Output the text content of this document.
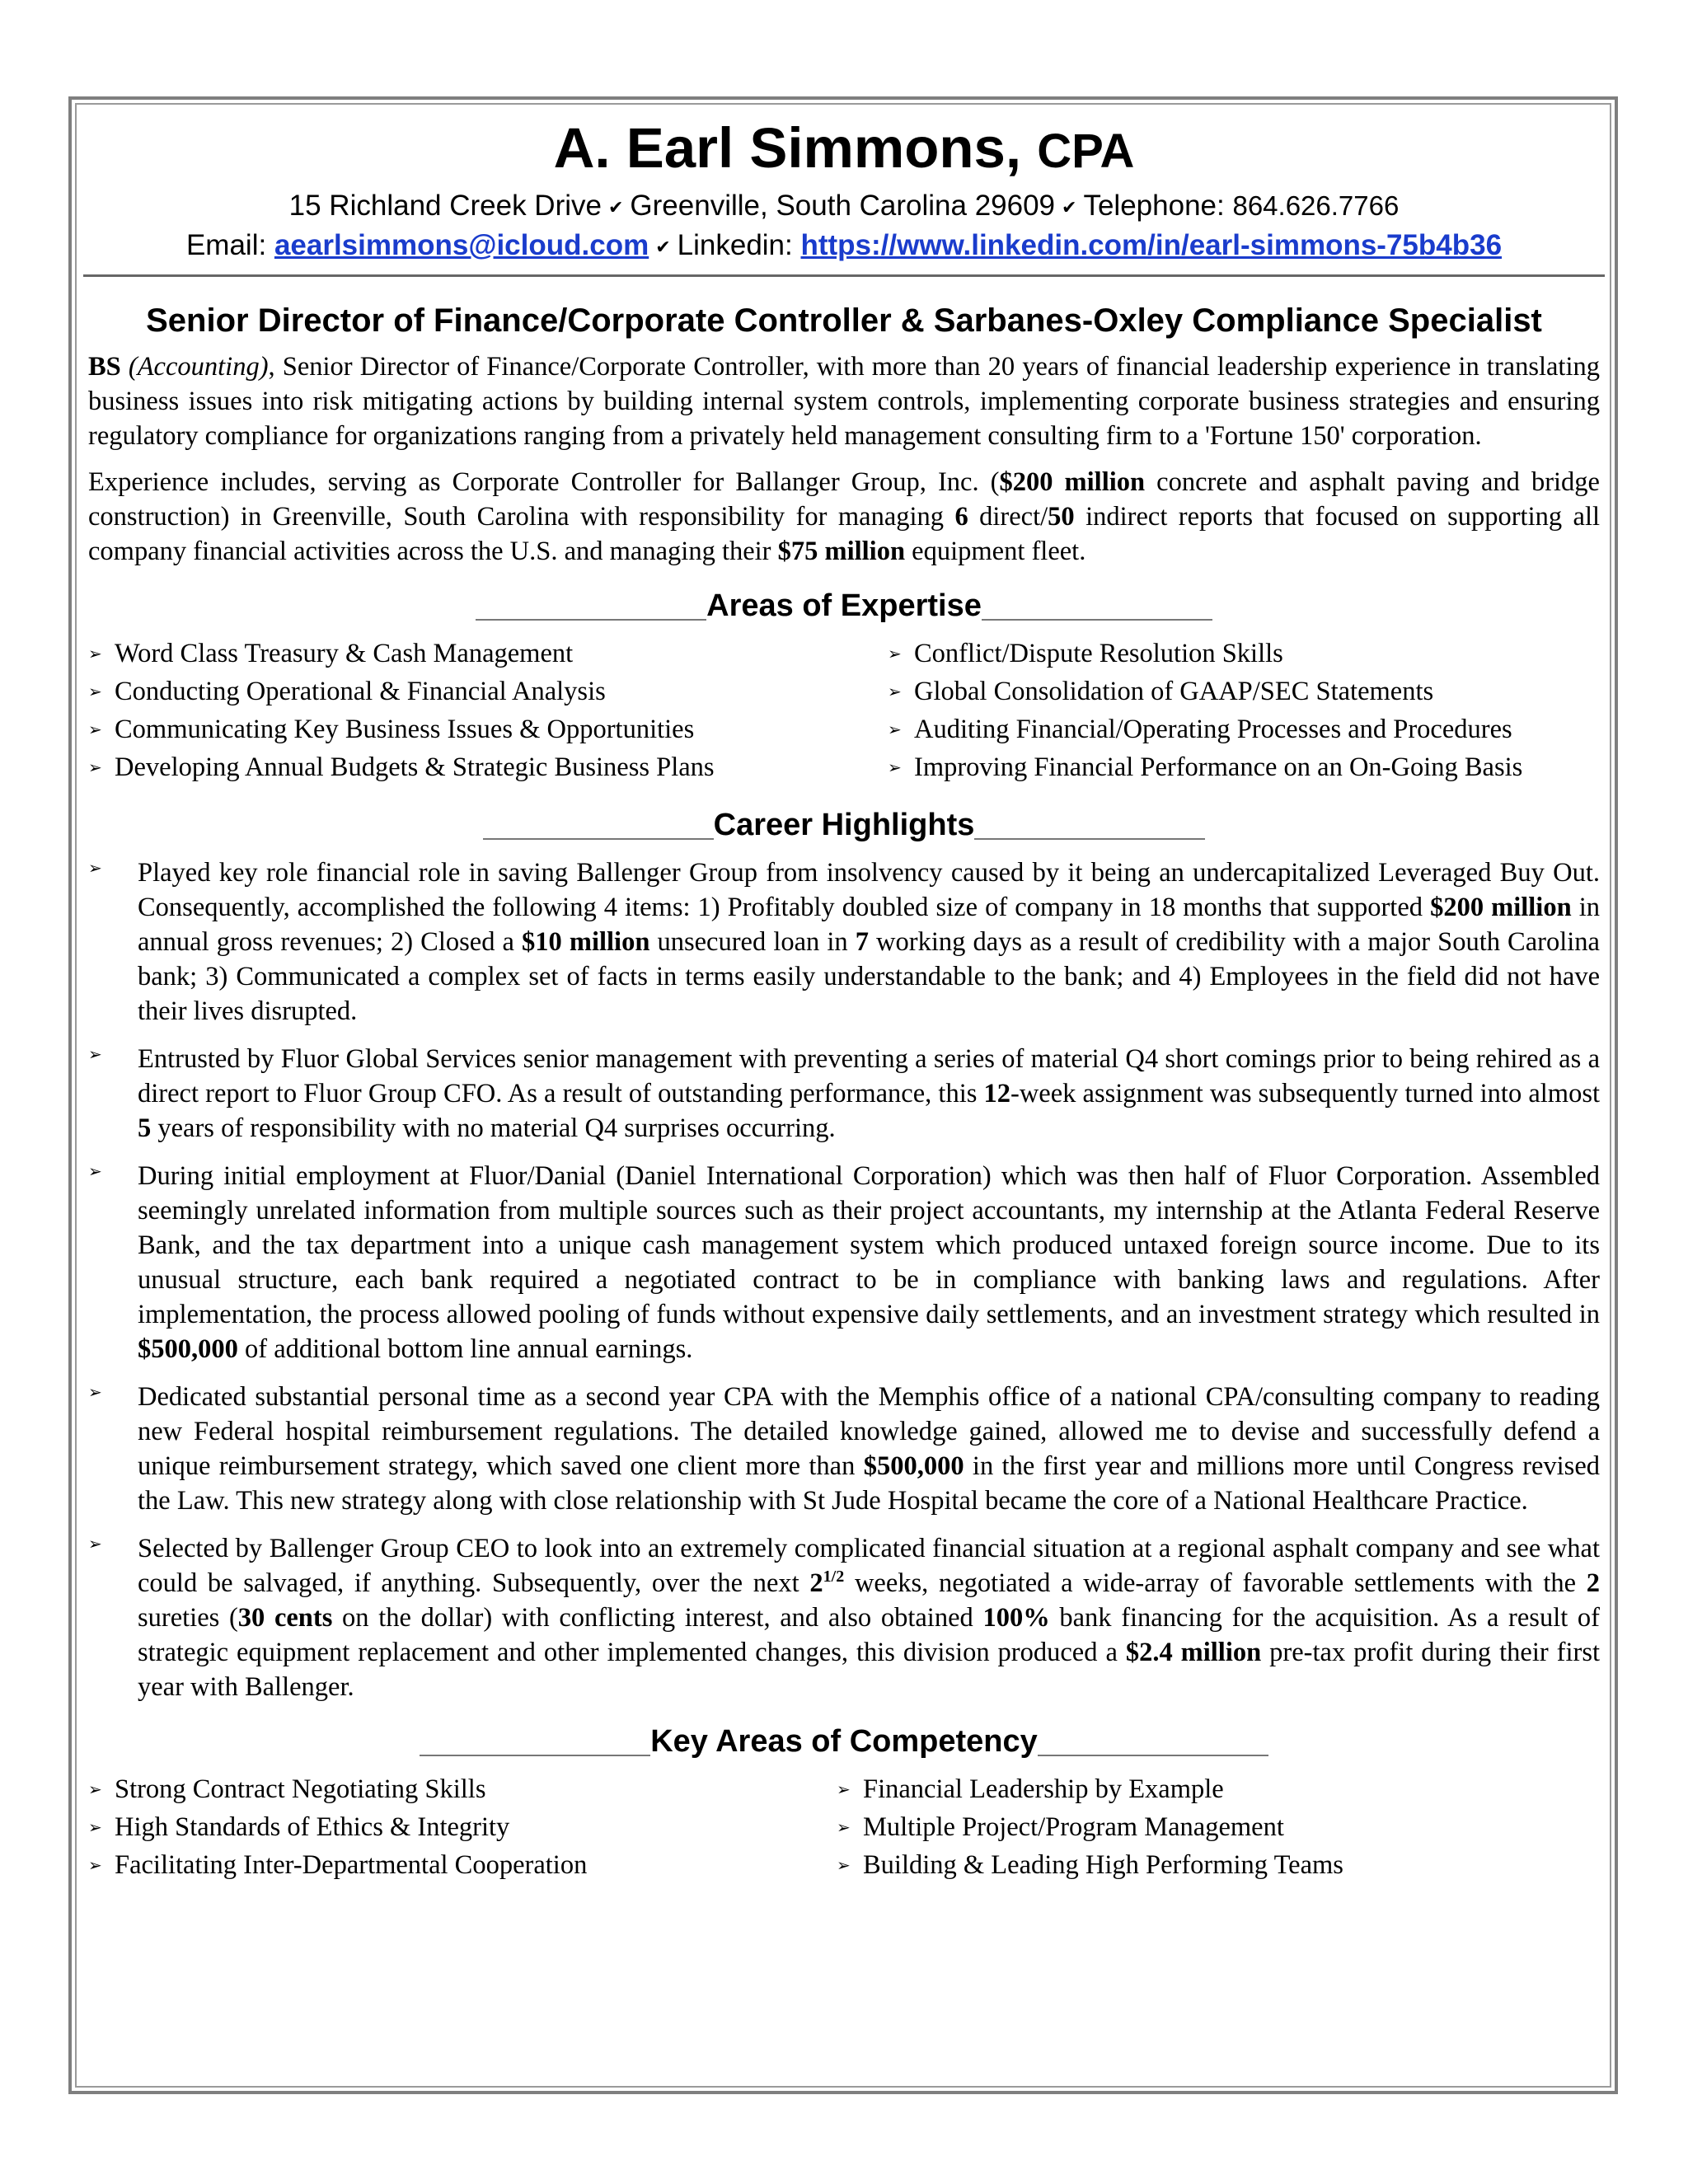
A. Earl Simmons, CPA
15 Richland Creek Drive ✔︎ Greenville, South Carolina 29609 ✔︎ Telephone: 864.626.7766
Email: aearlsimmons@icloud.com ✔︎ Linkedin: https://www.linkedin.com/in/earl-simmons-75b4b36
Senior Director of Finance/Corporate Controller & Sarbanes-Oxley Compliance Specialist

BS (Accounting), Senior Director of Finance/Corporate Controller, with more than 20 years of financial leadership experience in translating business issues into risk mitigating actions by building internal system controls, implementing corporate business strategies and ensuring regulatory compliance for organizations ranging from a privately held management consulting firm to a 'Fortune 150' corporation.

Experience includes, serving as Corporate Controller for Ballanger Group, Inc. ($200 million concrete and asphalt paving and bridge construction) in Greenville, South Carolina with responsibility for managing 6 direct/50 indirect reports that focused on supporting all company financial activities across the U.S. and managing their $75 million equipment fleet.

Areas of Expertise
➢ Word Class Treasury & Cash Management
➢ Conducting Operational & Financial Analysis
➢ Communicating Key Business Issues & Opportunities
➢ Developing Annual Budgets & Strategic Business Plans
➢ Conflict/Dispute Resolution Skills
➢ Global Consolidation of GAAP/SEC Statements
➢ Auditing Financial/Operating Processes and Procedures
➢ Improving Financial Performance on an On-Going Basis
Career Highlights
➢	Played key role financial role in saving Ballenger Group from insolvency caused by it being an undercapitalized Leveraged Buy Out. Consequently, accomplished the following 4 items: 1) Profitably doubled size of company in 18 months that supported $200 million in annual gross revenues; 2) Closed a $10 million unsecured loan in 7 working days as a result of credibility with a major South Carolina bank; 3) Communicated a complex set of facts in terms easily understandable to the bank; and 4) Employees in the field did not have their lives disrupted.
➢	Entrusted by Fluor Global Services senior management with preventing a series of material Q4 short comings prior to being rehired as a direct report to Fluor Group CFO. As a result of outstanding performance, this 12-week assignment was subsequently turned into almost 5 years of responsibility with no material Q4 surprises occurring.
➢	During initial employment at Fluor/Danial (Daniel International Corporation) which was then half of Fluor Corporation. Assembled seemingly unrelated information from multiple sources such as their project accountants, my internship at the Atlanta Federal Reserve Bank, and the tax department into a unique cash management system which produced untaxed foreign source income. Due to its unusual structure, each bank required a negotiated contract to be in compliance with banking laws and regulations. After implementation, the process allowed pooling of funds without expensive daily settlements, and an investment strategy which resulted in $500,000 of additional bottom line annual earnings.
➢	Dedicated substantial personal time as a second year CPA with the Memphis office of a national CPA/consulting company to reading new Federal hospital reimbursement regulations. The detailed knowledge gained, allowed me to devise and successfully defend a unique reimbursement strategy, which saved one client more than $500,000 in the first year and millions more until Congress revised the Law. This new strategy along with close relationship with St Jude Hospital became the core of a National Healthcare Practice.
➢	Selected by Ballenger Group CEO to look into an extremely complicated financial situation at a regional asphalt company and see what could be salvaged, if anything. Subsequently, over the next $2^{1/2}$ weeks, negotiated a wide-array of favorable settlements with the 2 sureties (30 cents on the dollar) with conflicting interest, and also obtained 100% bank financing for the acquisition. As a result of strategic equipment replacement and other implemented changes, this division produced a $2.4 million pre-tax profit during their first year with Ballenger.
Key Areas of Competency
➢ Strong Contract Negotiating Skills
➢ High Standards of Ethics & Integrity
➢ Facilitating Inter-Departmental Cooperation
➢ Financial Leadership by Example
➢ Multiple Project/Program Management
➢ Building & Leading High Performing Teams
